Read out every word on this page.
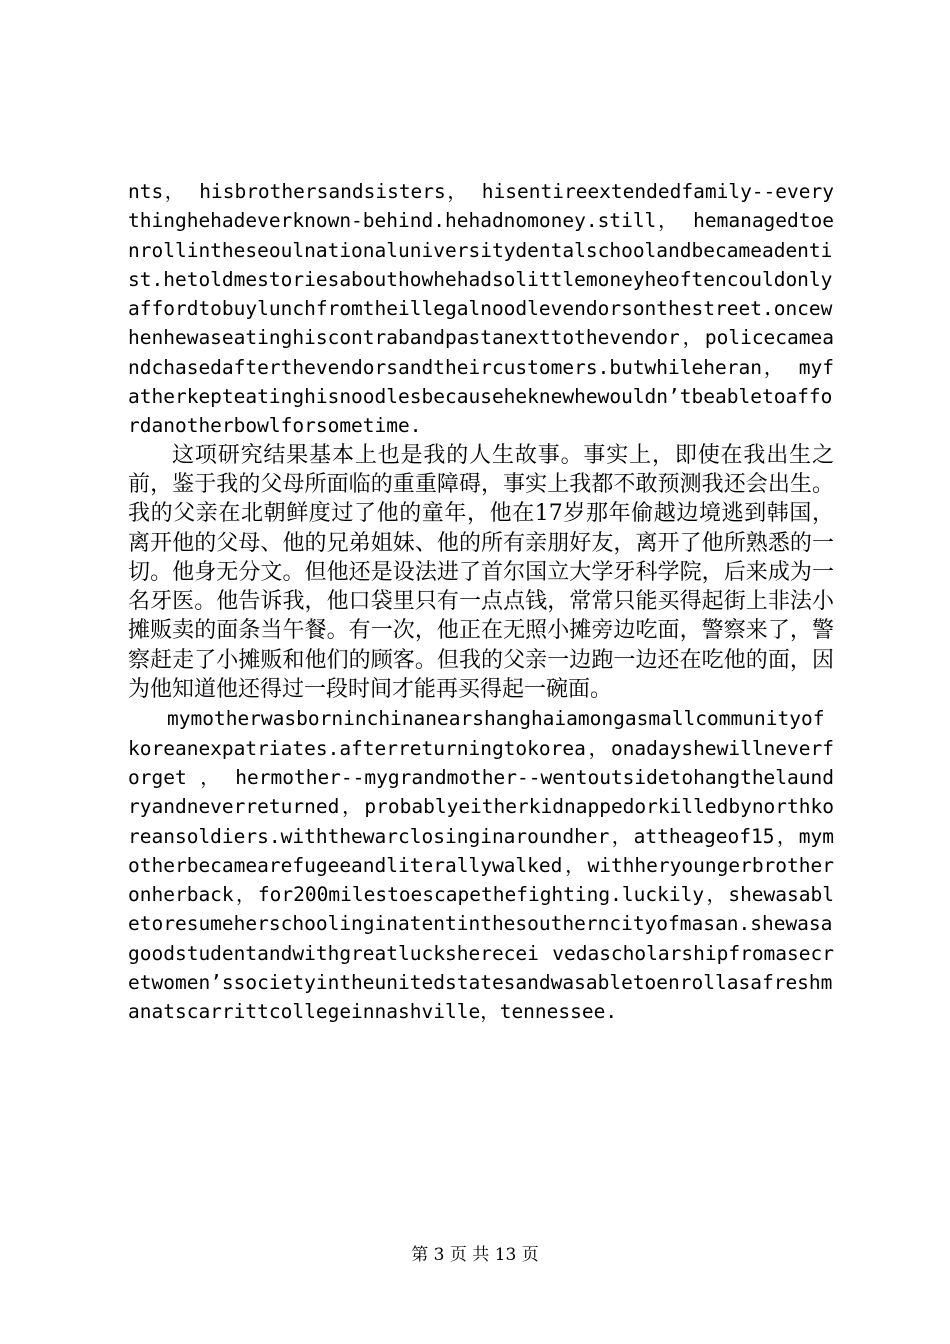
nts， hisbrothersandsisters， hisentireextendedfamily--everythinghehadeverknown-behind.hehadnomoney.still， hemanagedtoenrollintheseoulnationaluniversitydentalschoolandbecameadentist.hetoldmestoriesabouthowhehadsolittlemoneyheoftencouldonlyaffordtobuylunchfromtheillegalnoodlevendorsonthestreet.oncewhenhewaseatinghiscontrabandpastanexttothevendor，policecameandchasedafterthevendorsandtheircustomers.butwhileheran， myfatherkepteatinghisnoodlesbecauseheknewhewouldn’tbeabletoaffordanotherbowlforsometime.

这项研究结果基本上也是我的人生故事。事实上，即使在我出生之前，鉴于我的父母所面临的重重障碍，事实上我都不敢预测我还会出生。我的父亲在北朝鲜度过了他的童年，他在17岁那年偷越边境逃到韩国，离开他的父母、他的兄弟姐妹、他的所有亲朋好友，离开了他所熟悉的一切。他身无分文。但他还是设法进了首尔国立大学牙科学院，后来成为一名牙医。他告诉我，他口袋里只有一点点钱，常常只能买得起街上非法小摊贩卖的面条当午餐。有一次，他正在无照小摊旁边吃面，警察来了，警察赶走了小摊贩和他们的顾客。但我的父亲一边跑一边还在吃他的面，因为他知道他还得过一段时间才能再买得起一碗面。

mymotherwasborninchinanearshanghaiamongasmallcommunityofkoreanexpatriates.afterreturningtokorea，onadayshewillneverforget ， hermother--mygrandmother--wentoutsidetohangthelaundryandneverreturned，probablyeitherkidnappedorkilledbynorthkoreansoldiers.withthewarclosinginaroundher，attheageof15，mymotherbecamearefugeeandliterallywalked，withheryoungerbrotheronherback，for200milestoescapethefighting.luckily，shewasabletoresumeherschoolinginatentinthesoutherncityofmasan.shewasagoodstudentandwithgreatlucksherecei vedascholarshipfromasecretwomen’ssocietyintheunitedstatesandwasabletoenrollasafreshmanatscarrittcollegeinnashville，tennessee.

第 3 页 共 13 页
